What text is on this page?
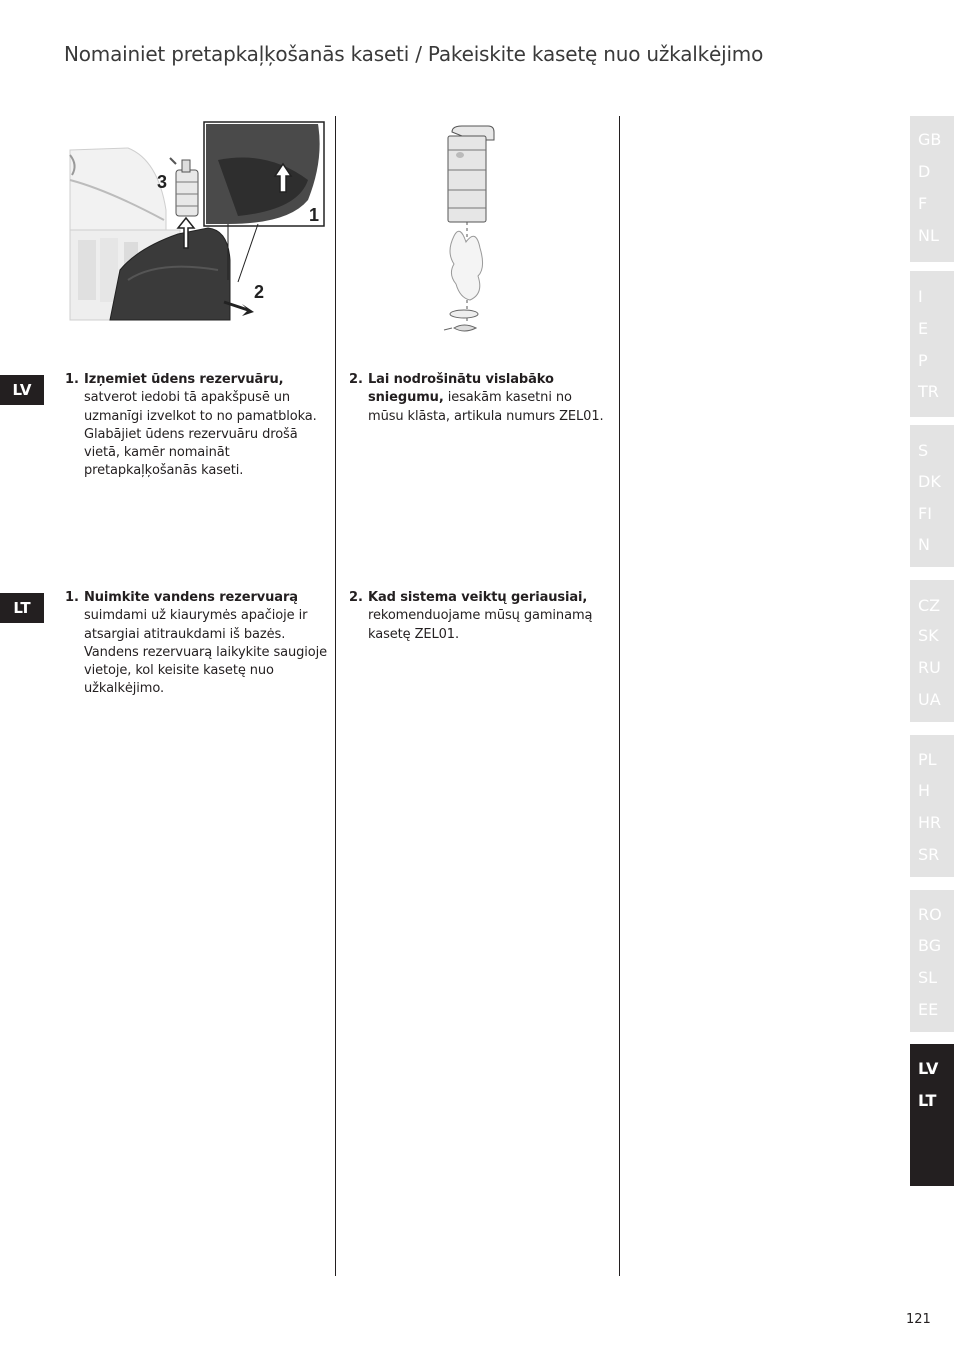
Nomainiet pretapkaļķošanās kaseti / Pakeiskite kasetę nuo užkalkėjimo
3
1
2
LV
1. Izņemiet ūdens rezervuāru, satverot iedobi tā apakšpusē un uzmanīgi izvelkot to no pamatbloka. Glabājiet ūdens rezervuāru drošā vietā, kamēr nomaināt pretapkaļķošanās kaseti.
2. Lai nodrošinātu vislabāko sniegumu, iesakām kasetni no mūsu klāsta, artikula numurs ZEL01.
LT
1. Nuimkite vandens rezervuarą suimdami už kiaurymės apačioje ir atsargiai atitraukdami iš bazės. Vandens rezervuarą laikykite saugioje vietoje, kol keisite kasetę nuo užkalkėjimo.
2. Kad sistema veiktų geriausiai, rekomenduojame mūsų gaminamą kasetę ZEL01.
GB
D
F
NL
I
E
P
TR
S
DK
FI
N
CZ
SK
RU
UA
PL
H
HR
SR
RO
BG
SL
EE
LV
LT
121
